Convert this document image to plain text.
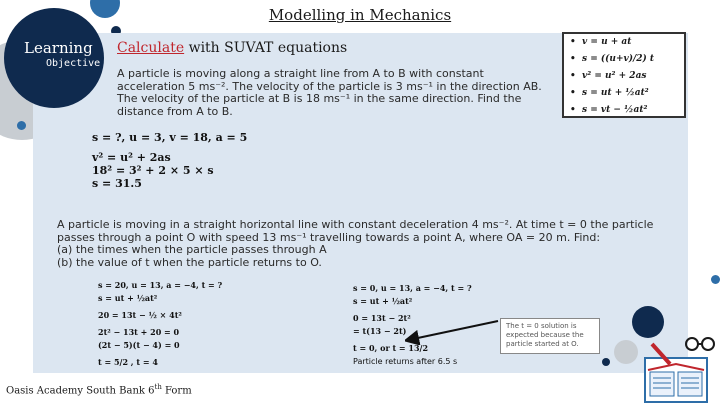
Learning
Objective
Modelling in Mechanics
Calculate with SUVAT equations
A particle is moving along a straight line from A to B with constant
acceleration 5 ms⁻². The velocity of the particle is 3 ms⁻¹ in the direction AB.
The velocity of the particle at B is 18 ms⁻¹ in the same direction. Find the
distance from A to B.
s = ?, u = 3, v = 18, a = 5
v² = u² + 2as
18² = 3² + 2 × 5 × s
s = 31.5
•  v = u + at
•  s = ((u+v)/2) t
•  v² = u² + 2as
•  s = ut + ½at²
•  s = vt − ½at²
A particle is moving in a straight horizontal line with constant deceleration 4 ms⁻². At time t = 0 the particle
passes through a point O with speed 13 ms⁻¹ travelling towards a point A, where OA = 20 m. Find:
(a) the times when the particle passes through A
(b) the value of t when the particle returns to O.
s = 20, u = 13, a = −4, t = ?
s = ut + ½at²
20 = 13t − ½ × 4t²
2t² − 13t + 20 = 0
(2t − 5)(t − 4) = 0
t = 5/2 , t = 4
s = 0, u = 13, a = −4, t = ?
s = ut + ½at²
0 = 13t − 2t²
= t(13 − 2t)
t = 0, or t = 13/2
Particle returns after 6.5 s
The t = 0 solution is expected because the particle started at O.
Oasis Academy South Bank 6th Form
